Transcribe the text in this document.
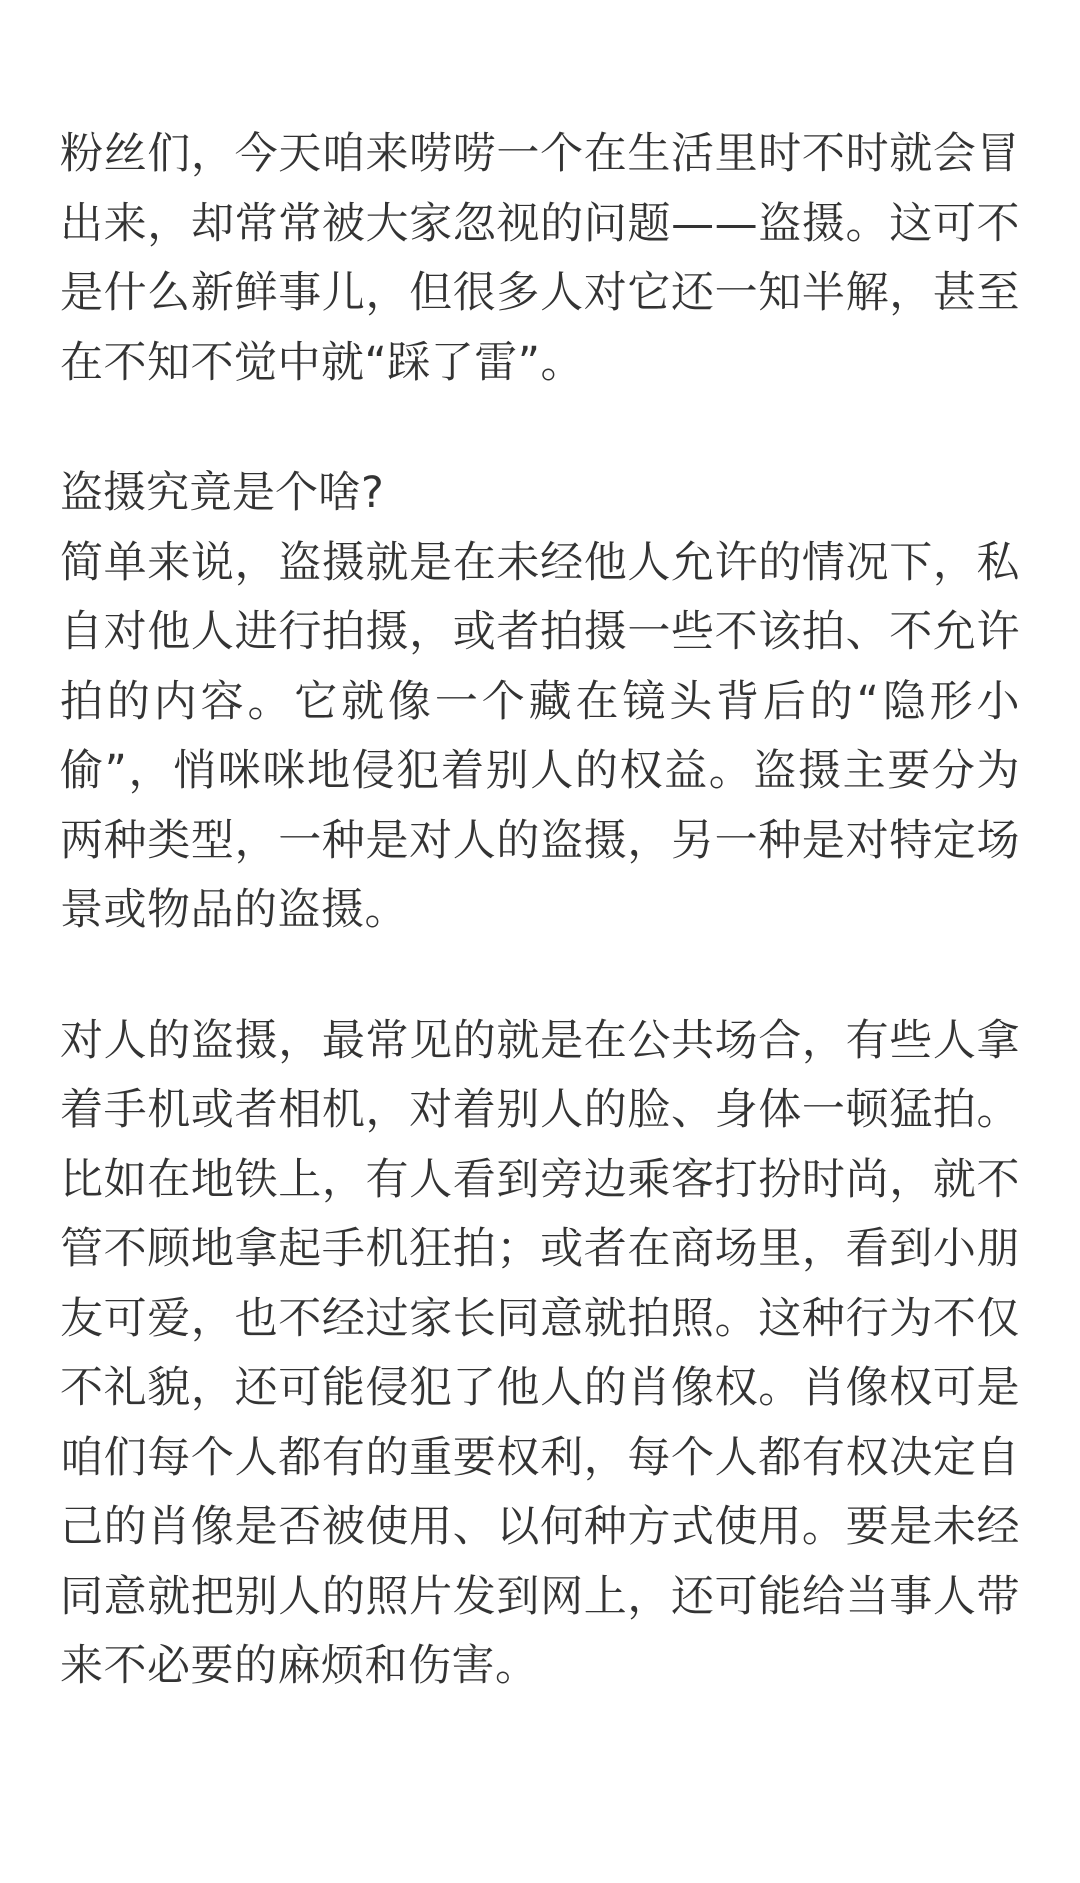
粉丝们，今天咱来唠唠一个在生活里时不时就会冒出来，却常常被大家忽视的问题——盗摄。这可不是什么新鲜事儿，但很多人对它还一知半解，甚至在不知不觉中就“踩了雷”。

盗摄究竟是个啥?

简单来说，盗摄就是在未经他人允许的情况下，私自对他人进行拍摄，或者拍摄一些不该拍、不允许拍的内容。它就像一个藏在镜头背后的“隐形小偷”，悄咪咪地侵犯着别人的权益。盗摄主要分为两种类型，一种是对人的盗摄，另一种是对特定场景或物品的盗摄。

对人的盗摄，最常见的就是在公共场合，有些人拿着手机或者相机，对着别人的脸、身体一顿猛拍。比如在地铁上，有人看到旁边乘客打扮时尚，就不管不顾地拿起手机狂拍；或者在商场里，看到小朋友可爱，也不经过家长同意就拍照。这种行为不仅不礼貌，还可能侵犯了他人的肖像权。肖像权可是咱们每个人都有的重要权利，每个人都有权决定自己的肖像是否被使用、以何种方式使用。要是未经同意就把别人的照片发到网上，还可能给当事人带来不必要的麻烦和伤害。
